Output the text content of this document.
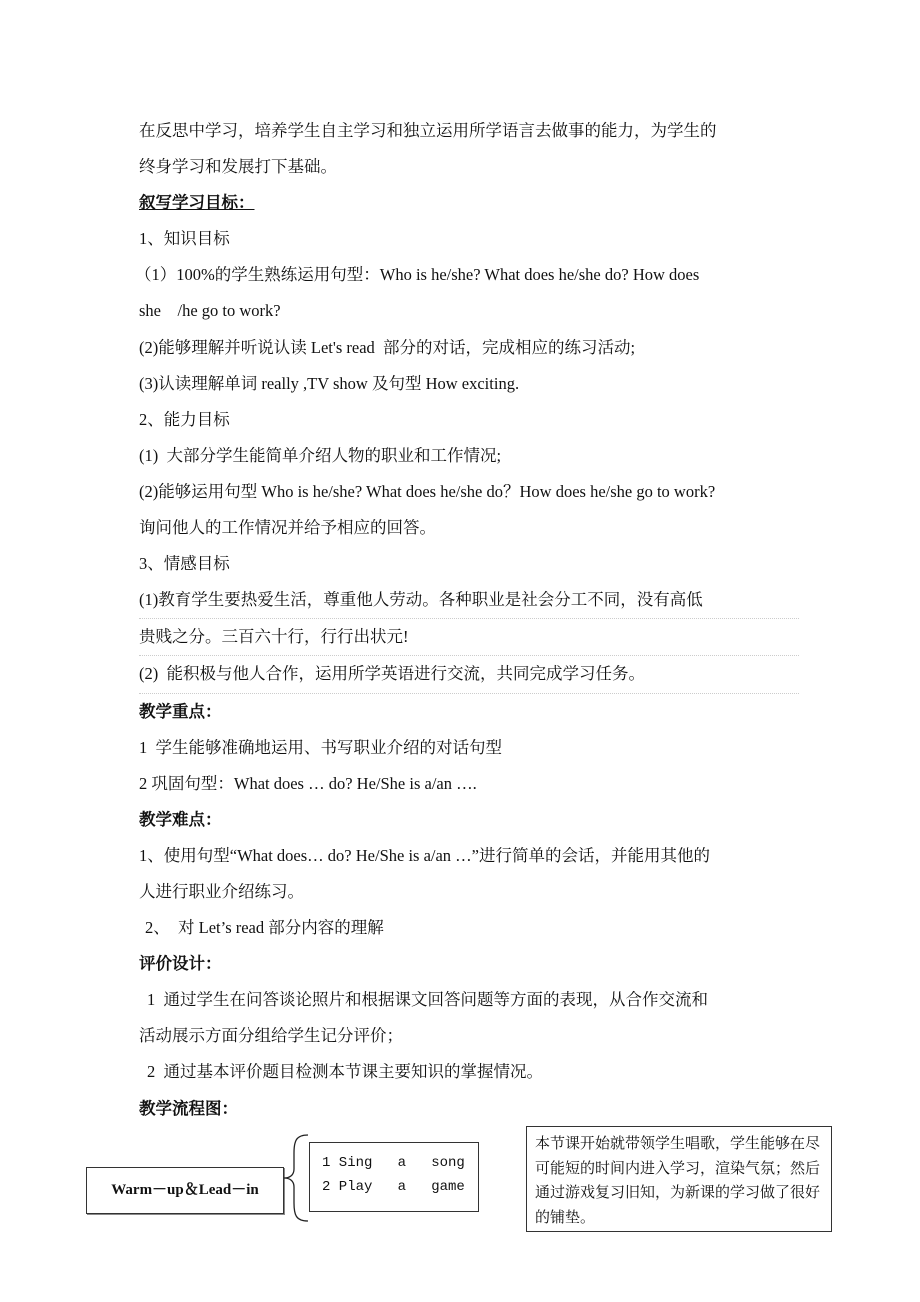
在反思中学习，培养学生自主学习和独立运用所学语言去做事的能力，为学生的
终身学习和发展打下基础。
叙写学习目标：
1、知识目标
（1）100%的学生熟练运用句型：Who is he/she? What does he/she do? How does
she    /he go to work?
(2)能够理解并听说认读 Let's read  部分的对话，完成相应的练习活动;
(3)认读理解单词 really ,TV show 及句型 How exciting.
2、能力目标
(1)  大部分学生能简单介绍人物的职业和工作情况;
(2)能够运用句型 Who is he/she? What does he/she do？How does he/she go to work?
询问他人的工作情况并给予相应的回答。
3、情感目标
(1)教育学生要热爱生活，尊重他人劳动。各种职业是社会分工不同，没有高低
贵贱之分。三百六十行，行行出状元!
(2)  能积极与他人合作，运用所学英语进行交流，共同完成学习任务。
教学重点：
1  学生能够准确地运用、书写职业介绍的对话句型
2 巩固句型：What does … do? He/She is a/an ….
教学难点：
1、使用句型“What does… do? He/She is a/an …”进行简单的会话，并能用其他的
人进行职业介绍练习。
2、  对 Let’s read 部分内容的理解
评价设计：
1  通过学生在问答谈论照片和根据课文回答问题等方面的表现，从合作交流和
活动展示方面分组给学生记分评价；
2  通过基本评价题目检测本节课主要知识的掌握情况。
教学流程图：
Warm－up＆Lead－in
1 Sing   a   song
2 Play   a   game
本节课开始就带领学生唱歌，学生能够在尽可能短的时间内进入学习，渲染气氛；然后通过游戏复习旧知，为新课的学习做了很好的铺垫。
